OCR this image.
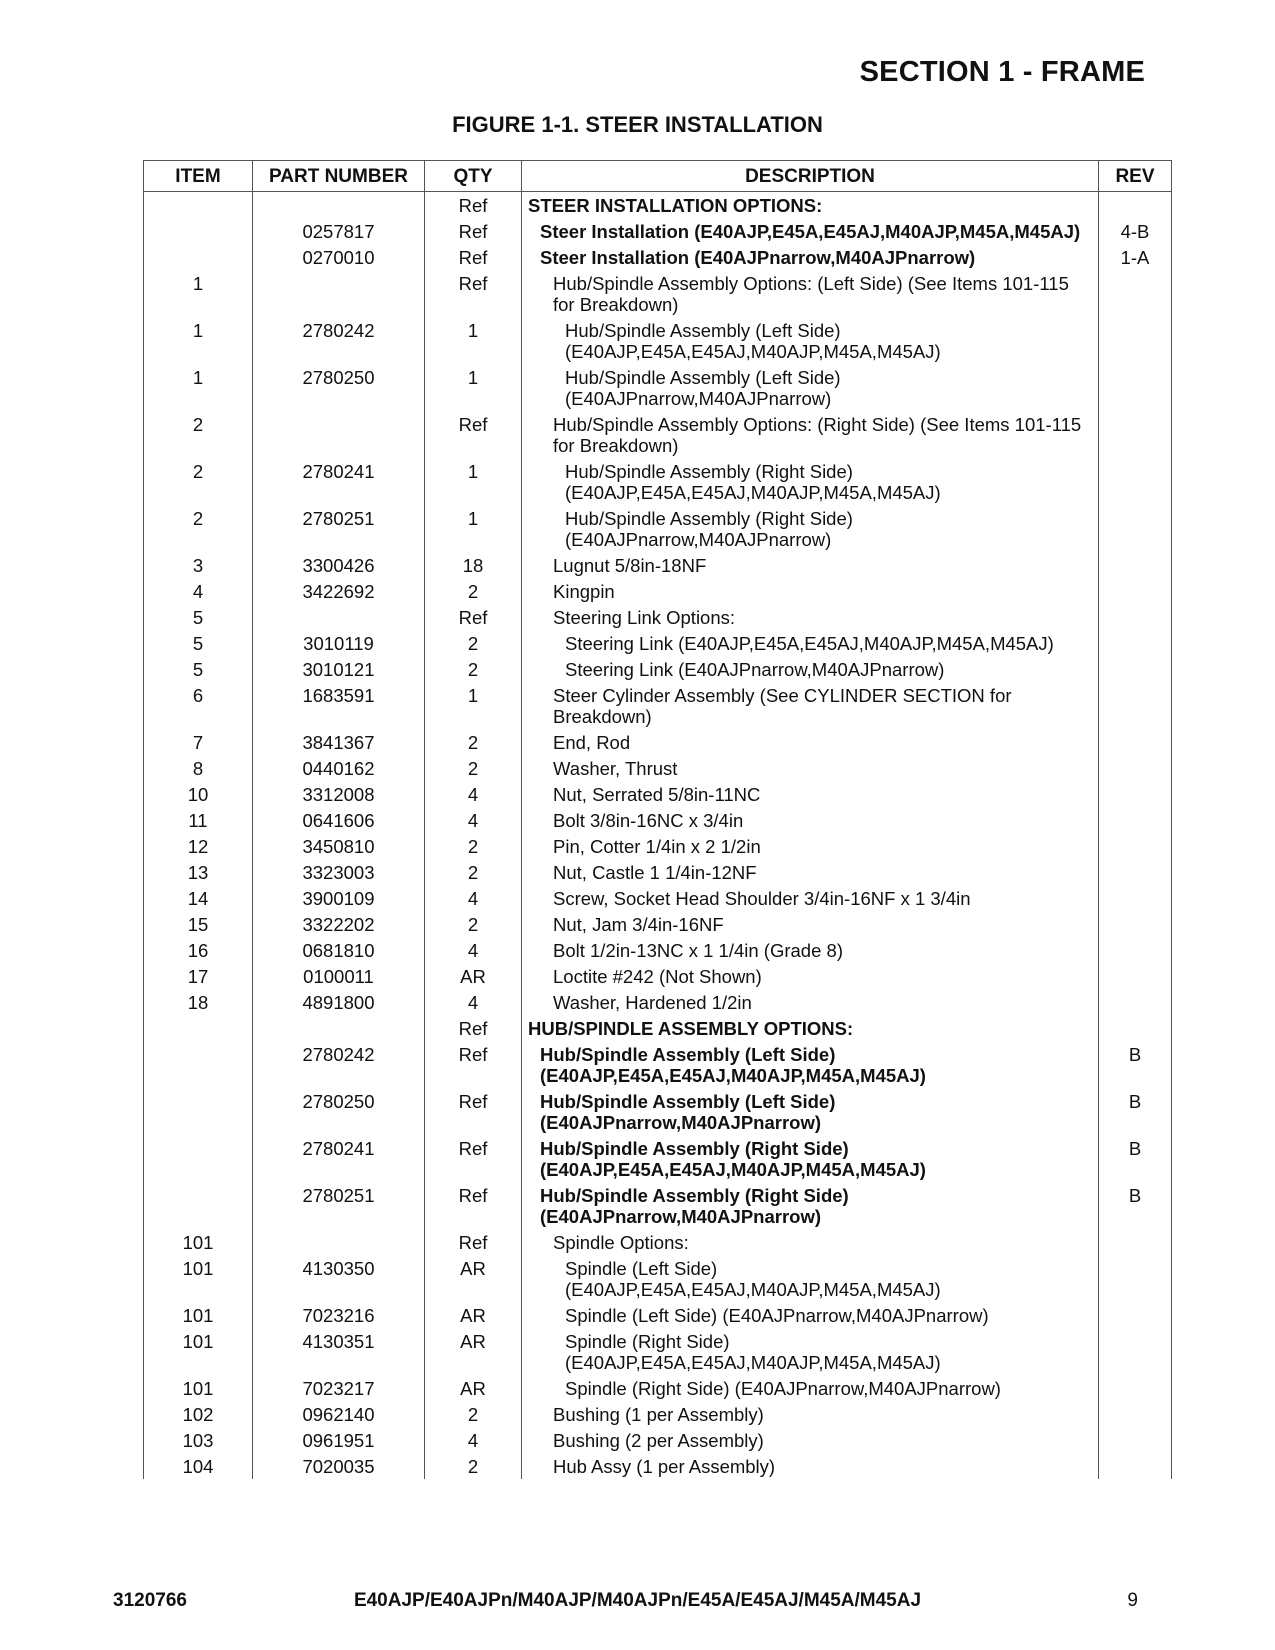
SECTION 1 - FRAME
FIGURE 1-1. STEER INSTALLATION
ITEM	PART NUMBER	QTY	DESCRIPTION	REV
		Ref	STEER INSTALLATION OPTIONS:	
	0257817	Ref	Steer Installation (E40AJP,E45A,E45AJ,M40AJP,M45A,M45AJ)	4-B
	0270010	Ref	Steer Installation (E40AJPnarrow,M40AJPnarrow)	1-A
1		Ref	Hub/Spindle Assembly Options: (Left Side) (See Items 101-115 for Breakdown)	
1	2780242	1	Hub/Spindle Assembly (Left Side) (E40AJP,E45A,E45AJ,M40AJP,M45A,M45AJ)	
1	2780250	1	Hub/Spindle Assembly (Left Side) (E40AJPnarrow,M40AJPnarrow)	
2		Ref	Hub/Spindle Assembly Options: (Right Side) (See Items 101-115 for Breakdown)	
2	2780241	1	Hub/Spindle Assembly (Right Side) (E40AJP,E45A,E45AJ,M40AJP,M45A,M45AJ)	
2	2780251	1	Hub/Spindle Assembly (Right Side) (E40AJPnarrow,M40AJPnarrow)	
3	3300426	18	Lugnut 5/8in-18NF	
4	3422692	2	Kingpin	
5		Ref	Steering Link Options:	
5	3010119	2	Steering Link (E40AJP,E45A,E45AJ,M40AJP,M45A,M45AJ)	
5	3010121	2	Steering Link (E40AJPnarrow,M40AJPnarrow)	
6	1683591	1	Steer Cylinder Assembly (See CYLINDER SECTION for Breakdown)	
7	3841367	2	End, Rod	
8	0440162	2	Washer, Thrust	
10	3312008	4	Nut, Serrated 5/8in-11NC	
11	0641606	4	Bolt 3/8in-16NC x 3/4in	
12	3450810	2	Pin, Cotter 1/4in x 2 1/2in	
13	3323003	2	Nut, Castle 1 1/4in-12NF	
14	3900109	4	Screw, Socket Head Shoulder 3/4in-16NF x 1 3/4in	
15	3322202	2	Nut, Jam 3/4in-16NF	
16	0681810	4	Bolt 1/2in-13NC x 1 1/4in (Grade 8)	
17	0100011	AR	Loctite #242 (Not Shown)	
18	4891800	4	Washer, Hardened 1/2in	
		Ref	HUB/SPINDLE ASSEMBLY OPTIONS:	
	2780242	Ref	Hub/Spindle Assembly (Left Side) (E40AJP,E45A,E45AJ,M40AJP,M45A,M45AJ)	B
	2780250	Ref	Hub/Spindle Assembly (Left Side) (E40AJPnarrow,M40AJPnarrow)	B
	2780241	Ref	Hub/Spindle Assembly (Right Side) (E40AJP,E45A,E45AJ,M40AJP,M45A,M45AJ)	B
	2780251	Ref	Hub/Spindle Assembly (Right Side) (E40AJPnarrow,M40AJPnarrow)	B
101		Ref	Spindle Options:	
101	4130350	AR	Spindle (Left Side) (E40AJP,E45A,E45AJ,M40AJP,M45A,M45AJ)	
101	7023216	AR	Spindle (Left Side) (E40AJPnarrow,M40AJPnarrow)	
101	4130351	AR	Spindle (Right Side) (E40AJP,E45A,E45AJ,M40AJP,M45A,M45AJ)	
101	7023217	AR	Spindle (Right Side) (E40AJPnarrow,M40AJPnarrow)	
102	0962140	2	Bushing (1 per Assembly)	
103	0961951	4	Bushing (2 per Assembly)	
104	7020035	2	Hub Assy (1 per Assembly)	
3120766	E40AJP/E40AJPn/M40AJP/M40AJPn/E45A/E45AJ/M45A/M45AJ	9
